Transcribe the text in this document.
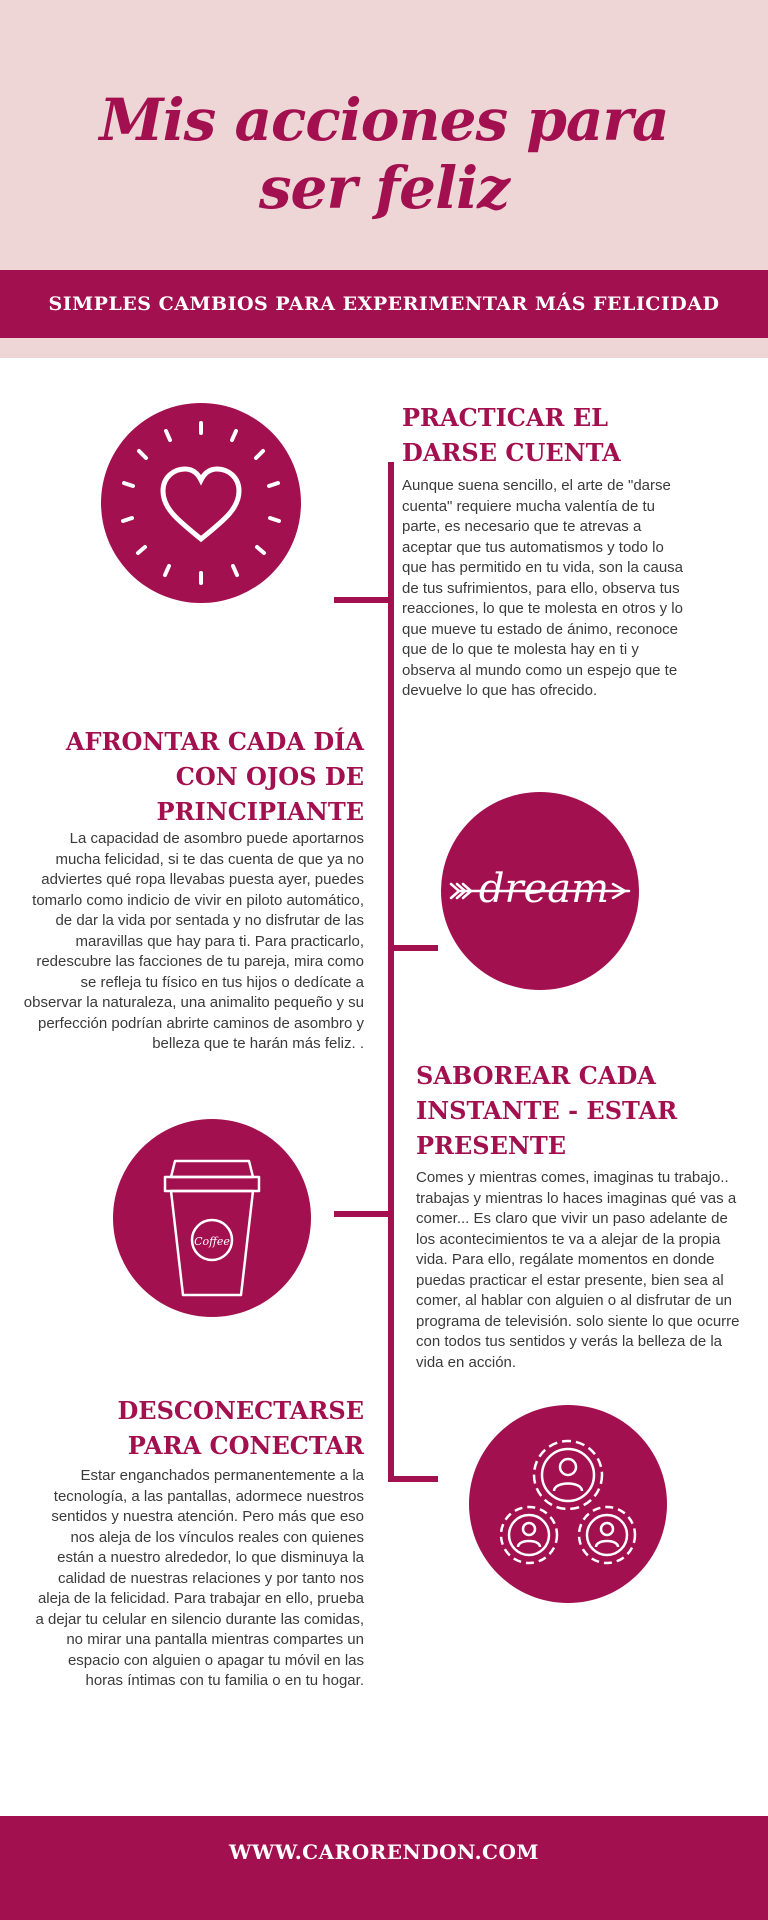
Mis acciones para ser feliz
SIMPLES CAMBIOS PARA EXPERIMENTAR MÁS FELICIDAD
PRACTICAR EL DARSE CUENTA
Aunque suena sencillo, el arte de "darse cuenta" requiere mucha valentía de tu parte, es necesario que te atrevas a aceptar que tus automatismos y todo lo que has permitido en tu vida, son la causa de tus sufrimientos, para ello, observa tus reacciones, lo que te molesta en otros y lo que mueve tu estado de ánimo, reconoce que de lo que te molesta hay en ti y observa al mundo como un espejo que te devuelve lo que has ofrecido.
AFRONTAR CADA DÍA CON OJOS DE PRINCIPIANTE
La capacidad de asombro puede aportarnos mucha felicidad, si te das cuenta de que ya no adviertes qué ropa llevabas puesta ayer, puedes tomarlo como indicio de vivir en piloto automático, de dar la vida por sentada y no disfrutar de las maravillas que hay para ti. Para practicarlo, redescubre las facciones de tu pareja, mira como se refleja tu físico en tus hijos o dedícate a observar la naturaleza, una animalito pequeño y su perfección podrían abrirte caminos de asombro y belleza que te harán más feliz. .
dream
Coffee
SABOREAR CADA INSTANTE - ESTAR PRESENTE
Comes y mientras comes, imaginas tu trabajo.. trabajas y mientras lo haces imaginas qué vas a comer... Es claro que vivir un paso adelante de los acontecimientos te va a alejar de la propia vida. Para ello, regálate momentos en donde puedas practicar el estar presente, bien sea al comer, al hablar con alguien o al disfrutar de un programa de televisión. solo siente lo que ocurre con todos tus sentidos y verás la belleza de la vida en acción.
DESCONECTARSE PARA CONECTAR
Estar enganchados permanentemente a la tecnología, a las pantallas, adormece nuestros sentidos y nuestra atención. Pero más que eso nos aleja de los vínculos reales con quienes están a nuestro alrededor, lo que disminuya la calidad de nuestras relaciones y por tanto nos aleja de la felicidad. Para trabajar en ello, prueba a dejar tu celular en silencio durante las comidas, no mirar una pantalla mientras compartes un espacio con alguien o apagar tu móvil en las horas íntimas con tu familia o en tu hogar.
WWW.CARORENDON.COM
